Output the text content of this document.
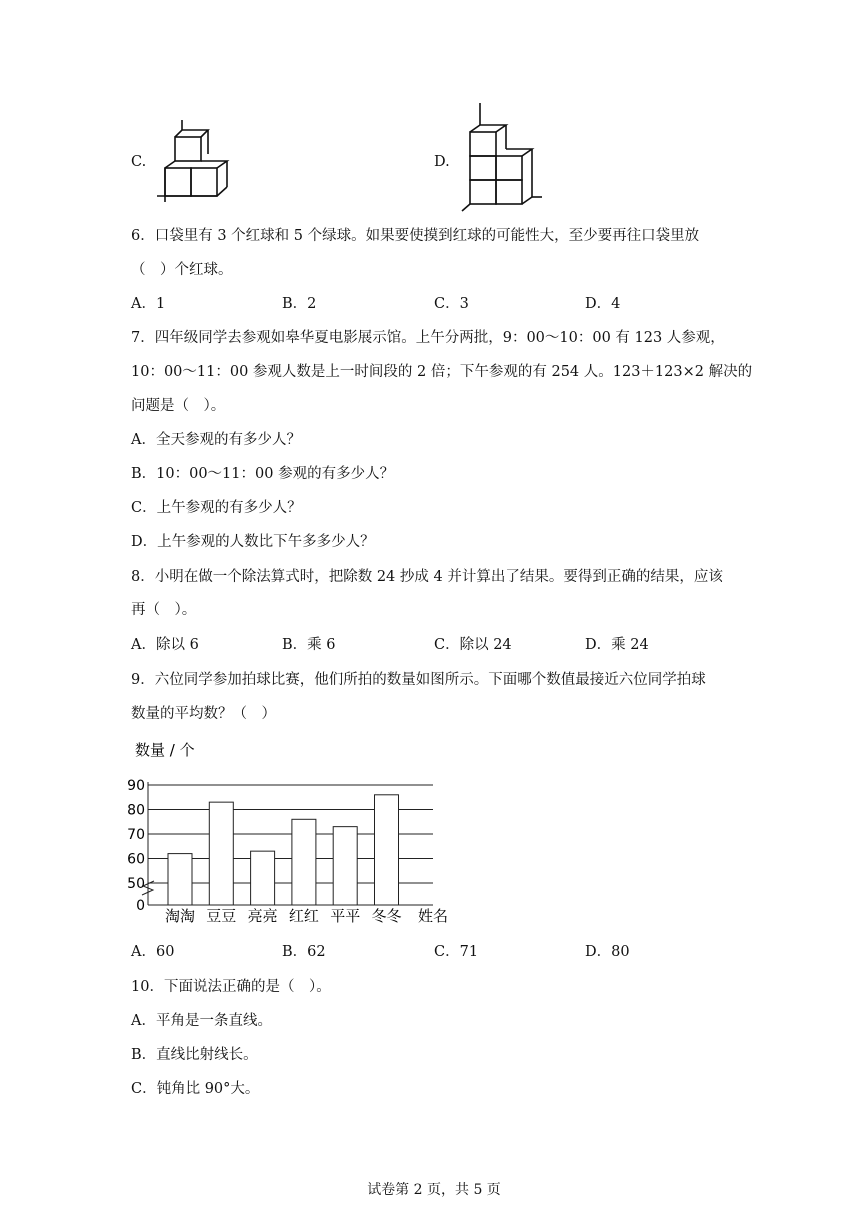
C.	D.
6．口袋里有 3 个红球和 5 个绿球。如果要使摸到红球的可能性大，至少要再往口袋里放
（　）个红球。
A．1	B．2	C．3	D．4
7．四年级同学去参观如皋华夏电影展示馆。上午分两批，9：00～10：00 有 123 人参观，
10：00～11：00 参观人数是上一时间段的 2 倍；下午参观的有 254 人。123＋123×2 解决的
问题是（　）。
A．全天参观的有多少人？
B．10：00～11：00 参观的有多少人？
C．上午参观的有多少人？
D．上午参观的人数比下午多多少人？
8．小明在做一个除法算式时，把除数 24 抄成 4 并计算出了结果。要得到正确的结果，应该
再（　）。
A．除以 6	B．乘 6	C．除以 24	D．乘 24
9．六位同学参加拍球比赛，他们所拍的数量如图所示。下面哪个数值最接近六位同学拍球
数量的平均数？（　）
数量 / 个
0
50
60
70
80
90
淘淘 豆豆 亮亮 红红 平平 冬冬 姓名
A．60	B．62	C．71	D．80
10．下面说法正确的是（　）。
A．平角是一条直线。
B．直线比射线长。
C．钝角比 90°大。
试卷第 2 页，共 5 页
